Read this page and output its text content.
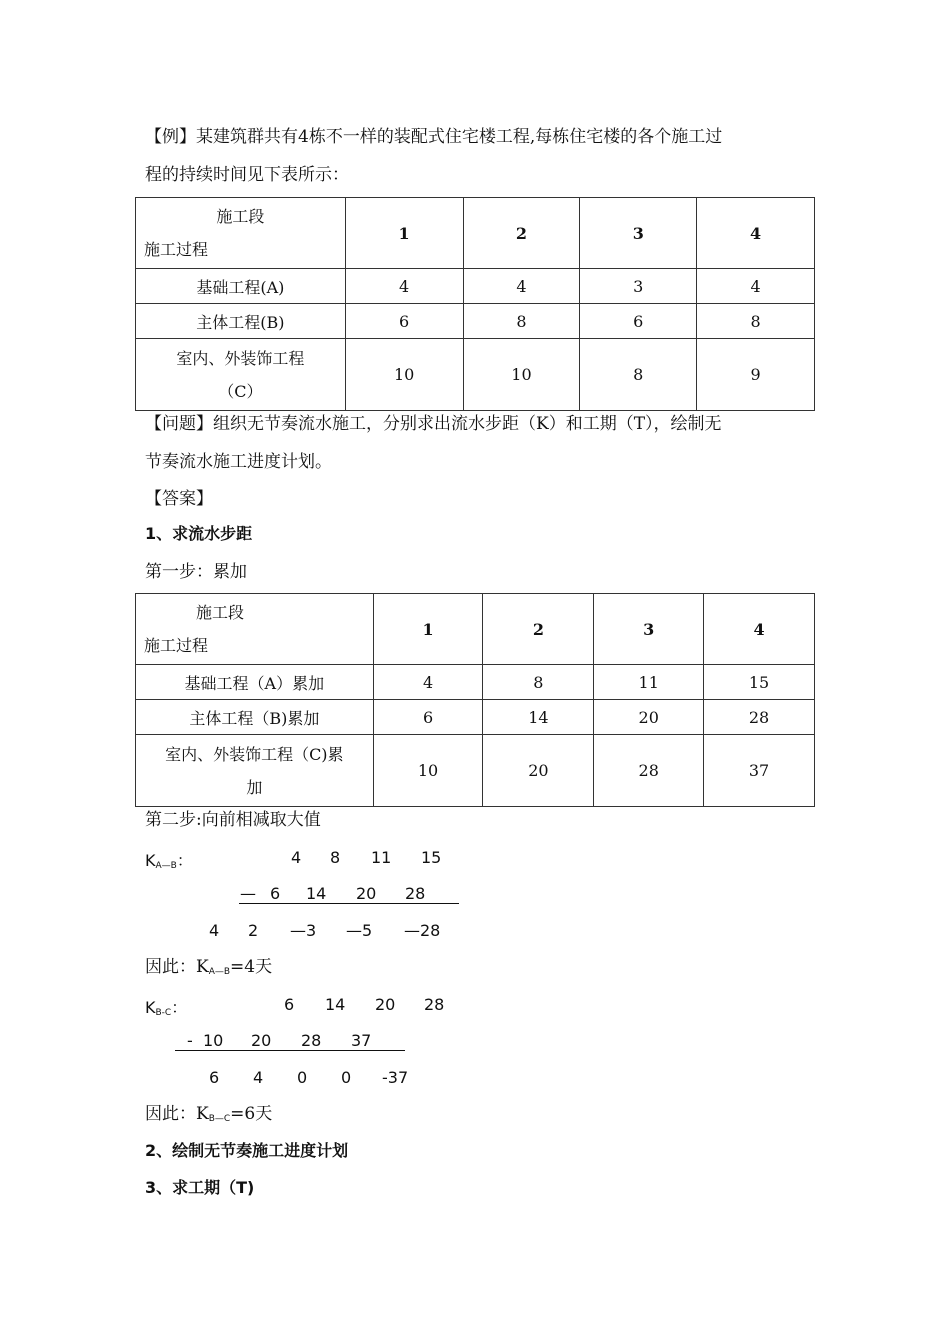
【例】某建筑群共有4栋不一样的装配式住宅楼工程,每栋住宅楼的各个施工过
程的持续时间见下表所示：
施工段
施工过程	1	2	3	4
基础工程(A)	4	4	3	4
主体工程(B)	6	8	6	8

室内、外装饰工程
（C）	10	10	8	9
【问题】组织无节奏流水施工，分别求出流水步距（K）和工期（T），绘制无
节奏流水施工进度计划。
【答案】
1、求流水步距
第一步：累加
施工段
施工过程	1	2	3	4
基础工程（A）累加	4	8	11	15
主体工程（B)累加	6	14	20	28

室内、外装饰工程（C)累
加	10	20	28	37
第二步:向前相减取大值
$K_{A—B}$：	4 8 11 15
— 6 14 20 28
4 2 —3 —5 —28
因此：$K_{A—B}=4$天
$K_{B-C}$：	6 14 20 28
- 10 20 28 37
6 4 0 0 -37
因此：$K_{B—C}=6$天
2、绘制无节奏施工进度计划
3、求工期（T)
